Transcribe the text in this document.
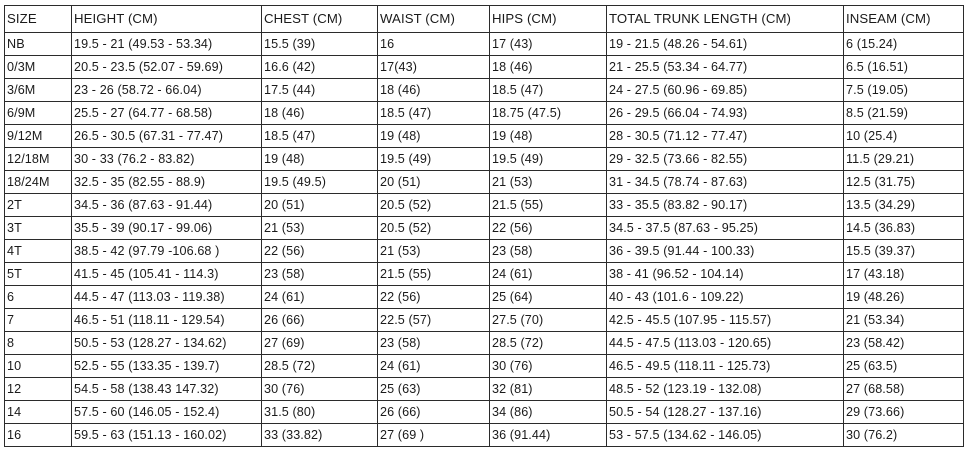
SIZE	HEIGHT (CM)	CHEST (CM)	WAIST (CM)	HIPS (CM)	TOTAL TRUNK LENGTH (CM)	INSEAM (CM)
NB	19.5 - 21 (49.53 - 53.34)	15.5 (39)	16	17 (43)	19 - 21.5 (48.26 - 54.61)	6 (15.24)
0/3M	20.5 - 23.5 (52.07 - 59.69)	16.6 (42)	17(43)	18 (46)	21 - 25.5 (53.34 - 64.77)	6.5 (16.51)
3/6M	23 - 26 (58.72 - 66.04)	17.5 (44)	18 (46)	18.5 (47)	24 - 27.5 (60.96 - 69.85)	7.5 (19.05)
6/9M	25.5 - 27 (64.77 - 68.58)	18 (46)	18.5 (47)	18.75 (47.5)	26 - 29.5 (66.04 - 74.93)	8.5 (21.59)
9/12M	26.5 - 30.5 (67.31 - 77.47)	18.5 (47)	19 (48)	19 (48)	28 - 30.5 (71.12 - 77.47)	10 (25.4)
12/18M	30 - 33 (76.2 - 83.82)	19 (48)	19.5 (49)	19.5 (49)	29 - 32.5 (73.66 - 82.55)	11.5 (29.21)
18/24M	32.5 - 35 (82.55 - 88.9)	19.5 (49.5)	20 (51)	21 (53)	31 - 34.5 (78.74 - 87.63)	12.5 (31.75)
2T	34.5 - 36 (87.63 - 91.44)	20 (51)	20.5 (52)	21.5 (55)	33 - 35.5 (83.82 - 90.17)	13.5 (34.29)
3T	35.5 - 39 (90.17 - 99.06)	21 (53)	20.5 (52)	22 (56)	34.5 - 37.5 (87.63 - 95.25)	14.5 (36.83)
4T	38.5 - 42 (97.79 -106.68 )	22 (56)	21 (53)	23 (58)	36 - 39.5 (91.44 - 100.33)	15.5 (39.37)
5T	41.5 - 45 (105.41 - 114.3)	23 (58)	21.5 (55)	24 (61)	38 - 41 (96.52 - 104.14)	17 (43.18)
6	44.5 - 47 (113.03 - 119.38)	24 (61)	22 (56)	25 (64)	40 - 43 (101.6 - 109.22)	19 (48.26)
7	46.5 - 51 (118.11 - 129.54)	26 (66)	22.5 (57)	27.5 (70)	42.5 - 45.5 (107.95 - 115.57)	21 (53.34)
8	50.5 - 53 (128.27 - 134.62)	27 (69)	23 (58)	28.5 (72)	44.5 - 47.5 (113.03 - 120.65)	23 (58.42)
10	52.5 - 55 (133.35 - 139.7)	28.5 (72)	24 (61)	30 (76)	46.5 - 49.5 (118.11 - 125.73)	25 (63.5)
12	54.5 - 58 (138.43 147.32)	30 (76)	25 (63)	32 (81)	48.5 - 52 (123.19 - 132.08)	27 (68.58)
14	57.5 - 60 (146.05 - 152.4)	31.5 (80)	26 (66)	34 (86)	50.5 - 54 (128.27 - 137.16)	29 (73.66)
16	59.5 - 63 (151.13 - 160.02)	33 (33.82)	27 (69 )	36 (91.44)	53 - 57.5 (134.62 - 146.05)	30 (76.2)
